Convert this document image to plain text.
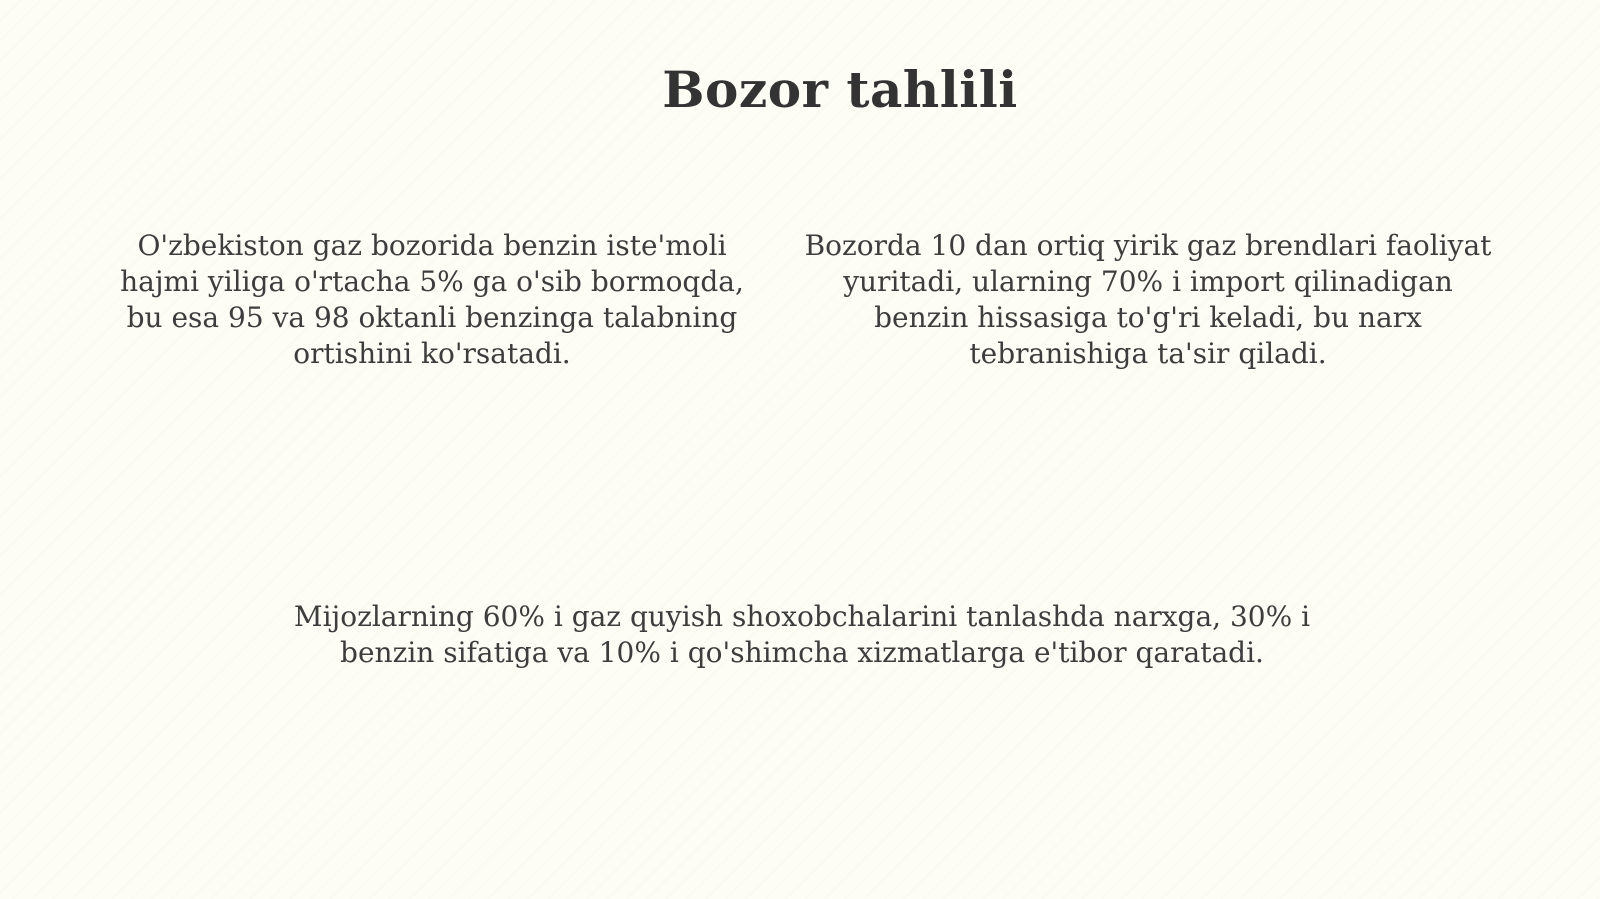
Bozor tahlili

O'zbekiston gaz bozorida benzin iste'moli hajmi yiliga o'rtacha 5% ga o'sib bormoqda, bu esa 95 va 98 oktanli benzinga talabning ortishini ko'rsatadi.

Bozorda 10 dan ortiq yirik gaz brendlari faoliyat yuritadi, ularning 70% i import qilinadigan benzin hissasiga to'g'ri keladi, bu narx tebranishiga ta'sir qiladi.

Mijozlarning 60% i gaz quyish shoxobchalarini tanlashda narxga, 30% i benzin sifatiga va 10% i qo'shimcha xizmatlarga e'tibor qaratadi.
